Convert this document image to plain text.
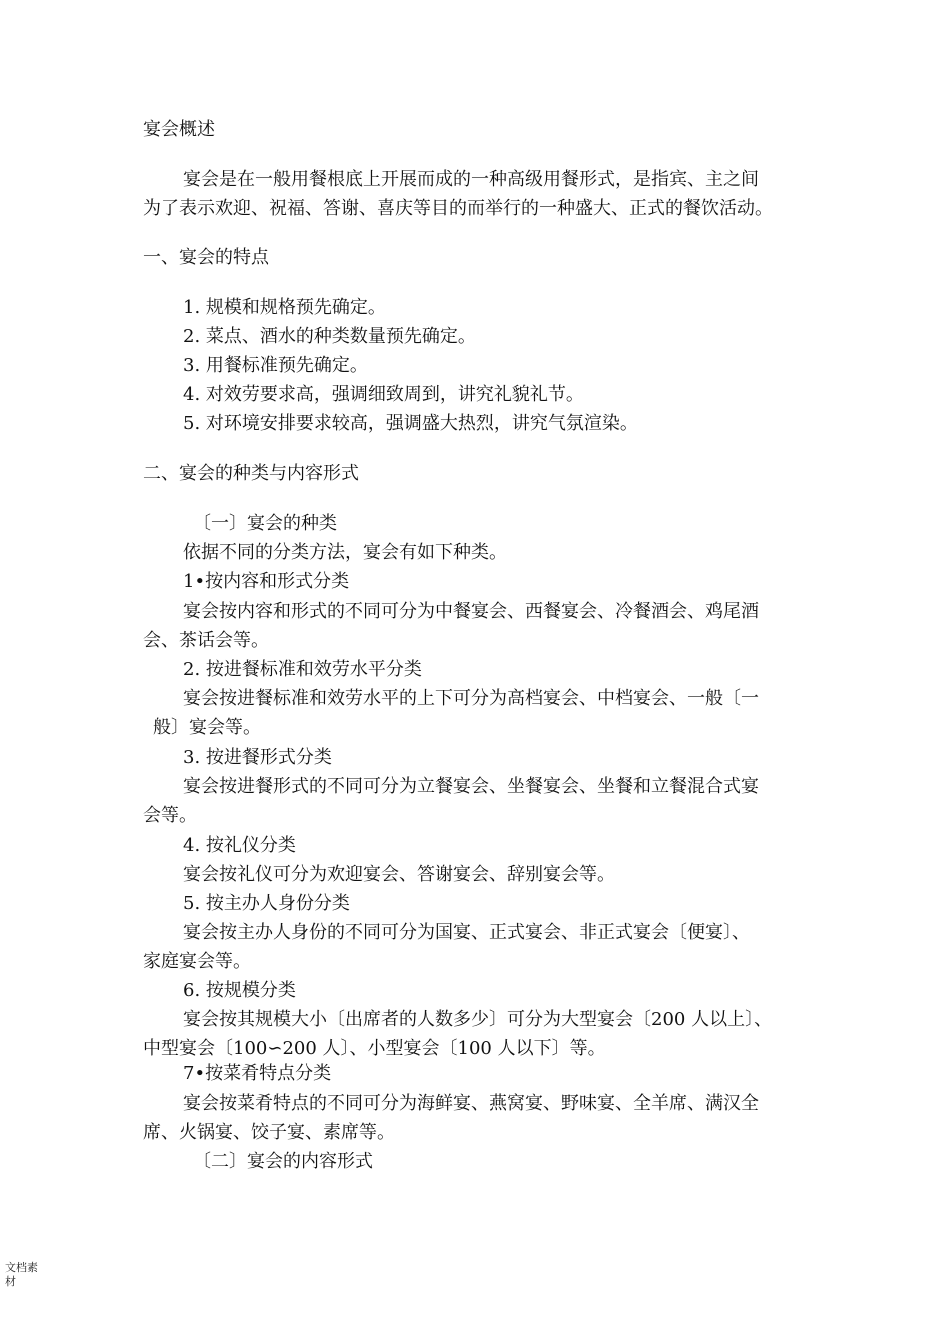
宴会概述
宴会是在一般用餐根底上开展而成的一种高级用餐形式，是指宾、主之间
为了表示欢迎、祝福、答谢、喜庆等目的而举行的一种盛大、正式的餐饮活动。
一、宴会的特点
1. 规模和规格预先确定。
2. 菜点、酒水的种类数量预先确定。
3. 用餐标准预先确定。
4. 对效劳要求高，强调细致周到，讲究礼貌礼节。
5. 对环境安排要求较高，强调盛大热烈，讲究气氛渲染。
二、宴会的种类与内容形式
〔一〕宴会的种类
依据不同的分类方法，宴会有如下种类。
1•按内容和形式分类
宴会按内容和形式的不同可分为中餐宴会、西餐宴会、冷餐酒会、鸡尾酒
会、茶话会等。
2. 按进餐标准和效劳水平分类
宴会按进餐标准和效劳水平的上下可分为高档宴会、中档宴会、一般〔一
般〕宴会等。
3. 按进餐形式分类
宴会按进餐形式的不同可分为立餐宴会、坐餐宴会、坐餐和立餐混合式宴
会等。
4. 按礼仪分类
宴会按礼仪可分为欢迎宴会、答谢宴会、辞别宴会等。
5. 按主办人身份分类
宴会按主办人身份的不同可分为国宴、正式宴会、非正式宴会〔便宴〕、
家庭宴会等。
6. 按规模分类
宴会按其规模大小〔出席者的人数多少〕可分为大型宴会〔200 人以上〕、
中型宴会〔100∽200 人〕、小型宴会〔100 人以下〕等。
7•按菜肴特点分类
宴会按菜肴特点的不同可分为海鲜宴、燕窝宴、野味宴、全羊席、满汉全
席、火锅宴、饺子宴、素席等。
〔二〕宴会的内容形式
文档素
材
